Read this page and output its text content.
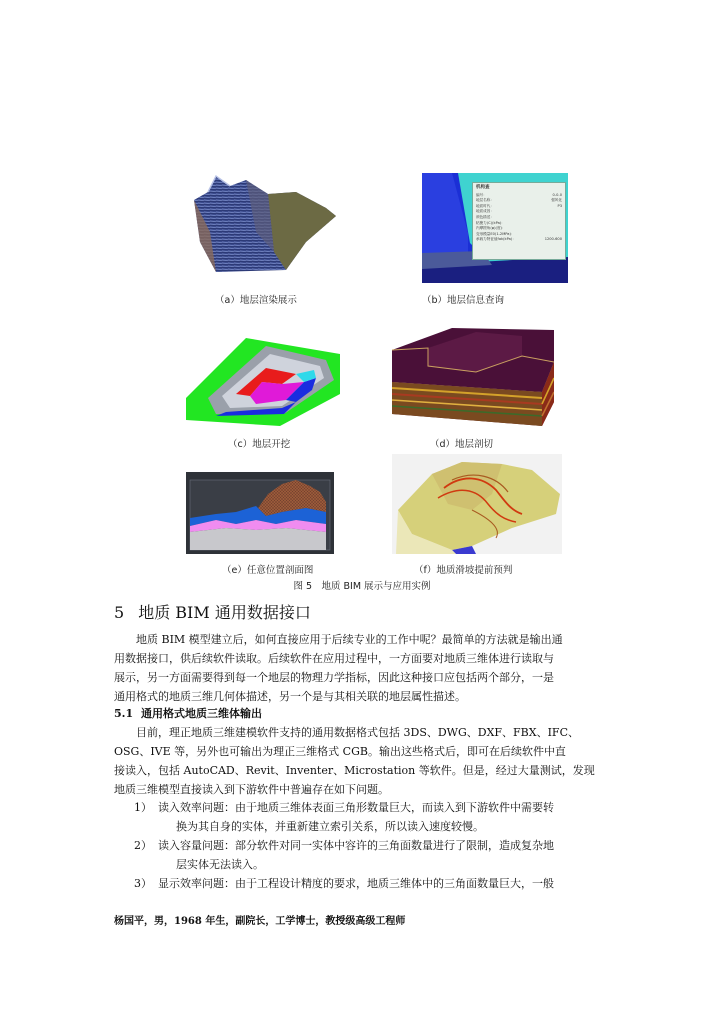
（a）地层渲染展示
机构查
编号：	0-0-0
地层名称：	强风化
地质时代：	P3
地质成因：
颜色描述：
粘聚力(C)(kPa)：
内摩擦角(φ)(度)：
变形模量E0(1-2MPa)：
承载力特征值fak(kPa)：	1200-600
（b）地层信息查询
（c）地层开挖	（d）地层剖切
（e）任意位置剖面图	（f）地质滑坡提前预判
图 5　地质 BIM 展示与应用实例
5 地质 BIM 通用数据接口
地质 BIM 模型建立后，如何直接应用于后续专业的工作中呢？最简单的方法就是输出通
用数据接口，供后续软件读取。后续软件在应用过程中，一方面要对地质三维体进行读取与
展示，另一方面需要得到每一个地层的物理力学指标，因此这种接口应包括两个部分，一是
通用格式的地质三维几何体描述，另一个是与其相关联的地层属性描述。
5.1 通用格式地质三维体输出
目前，理正地质三维建模软件支持的通用数据格式包括 3DS、DWG、DXF、FBX、IFC、
OSG、IVE 等，另外也可输出为理正三维格式 CGB。输出这些格式后，即可在后续软件中直
接读入，包括 AutoCAD、Revit、Inventer、Microstation 等软件。但是，经过大量测试，发现
地质三维模型直接读入到下游软件中普遍存在如下问题。
1） 读入效率问题：由于地质三维体表面三角形数量巨大，而读入到下游软件中需要转
换为其自身的实体，并重新建立索引关系，所以读入速度较慢。
2） 读入容量问题：部分软件对同一实体中容许的三角面数量进行了限制，造成复杂地
层实体无法读入。
3） 显示效率问题：由于工程设计精度的要求，地质三维体中的三角面数量巨大，一般
杨国平，男，1968 年生，副院长，工学博士，教授级高级工程师
